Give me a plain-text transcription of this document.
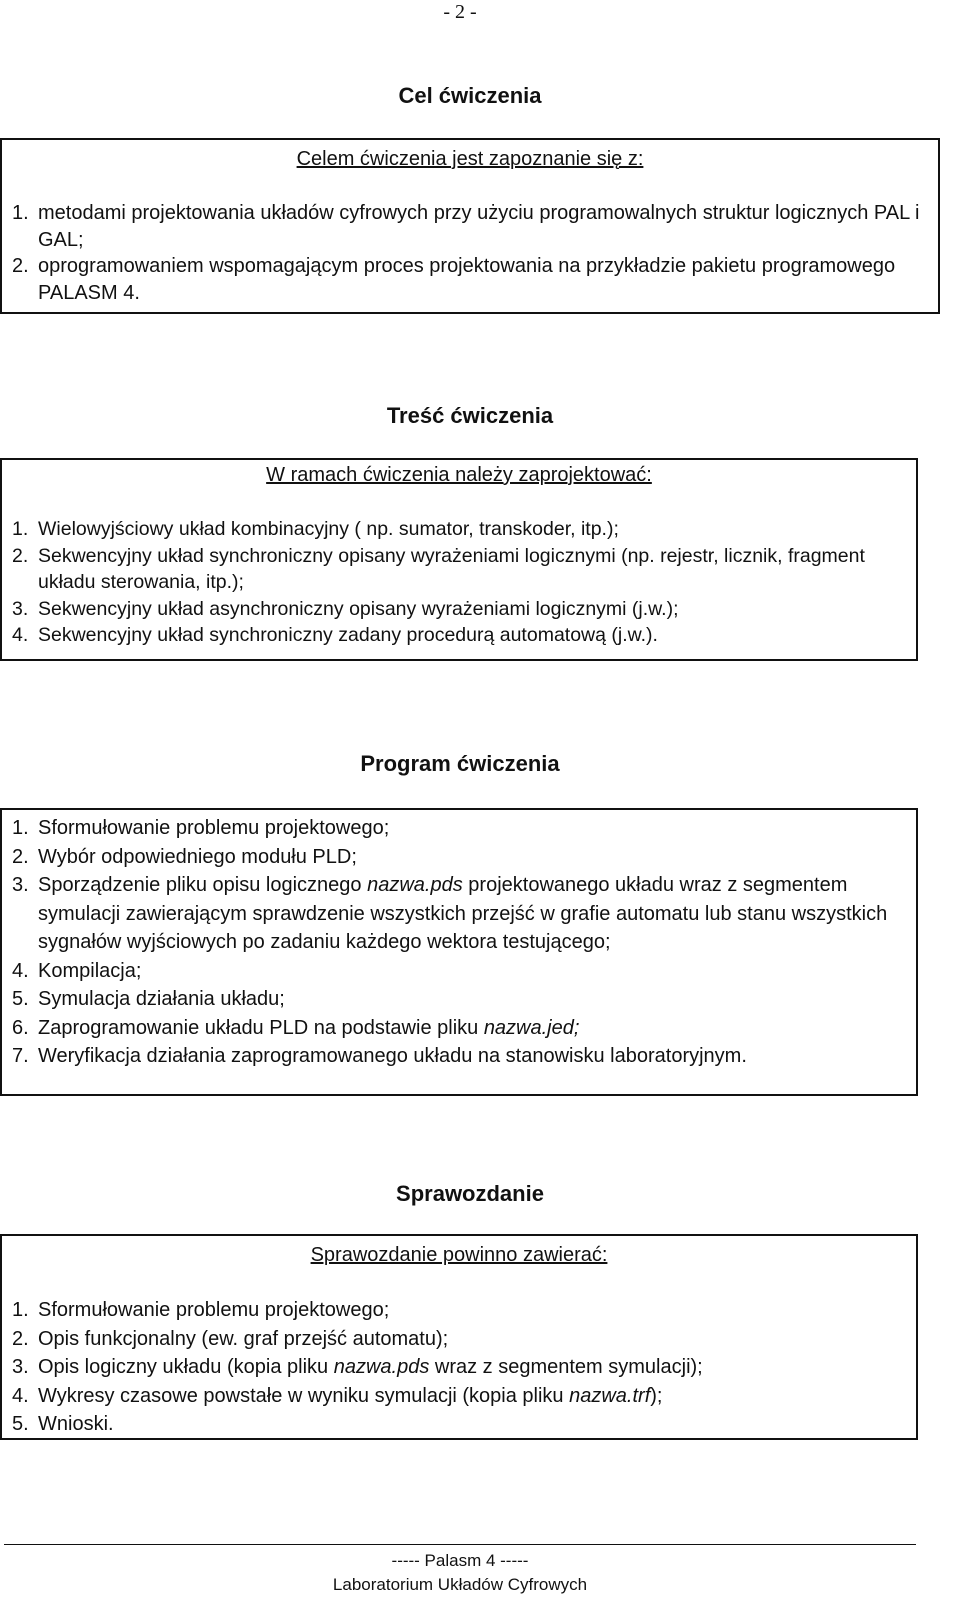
- 2 -
Cel ćwiczenia
Celem ćwiczenia jest zapoznanie się z:
1. metodami projektowania układów cyfrowych przy użyciu programowalnych struktur logicznych PAL i GAL;
2. oprogramowaniem wspomagającym proces projektowania na przykładzie pakietu programowego PALASM 4.
Treść ćwiczenia
W ramach ćwiczenia należy zaprojektować:
1. Wielowyjściowy układ kombinacyjny ( np. sumator, transkoder, itp.);
2. Sekwencyjny układ synchroniczny opisany wyrażeniami logicznymi (np. rejestr, licznik, fragment układu sterowania, itp.);
3. Sekwencyjny układ asynchroniczny opisany wyrażeniami logicznymi (j.w.);
4. Sekwencyjny układ synchroniczny zadany procedurą automatową (j.w.).
Program ćwiczenia
1. Sformułowanie problemu projektowego;
2. Wybór odpowiedniego modułu PLD;
3. Sporządzenie pliku opisu logicznego nazwa.pds projektowanego układu wraz z segmentem symulacji zawierającym sprawdzenie wszystkich przejść w grafie automatu lub stanu wszystkich sygnałów wyjściowych po zadaniu każdego wektora testującego;
4. Kompilacja;
5. Symulacja działania układu;
6. Zaprogramowanie układu PLD na podstawie pliku nazwa.jed;
7. Weryfikacja działania zaprogramowanego układu na stanowisku laboratoryjnym.
Sprawozdanie
Sprawozdanie powinno zawierać:
1. Sformułowanie problemu projektowego;
2. Opis funkcjonalny (ew. graf przejść automatu);
3. Opis logiczny układu (kopia pliku nazwa.pds wraz z segmentem symulacji);
4. Wykresy czasowe powstałe w wyniku symulacji (kopia pliku nazwa.trf);
5. Wnioski.
----- Palasm 4 -----
Laboratorium Układów Cyfrowych
